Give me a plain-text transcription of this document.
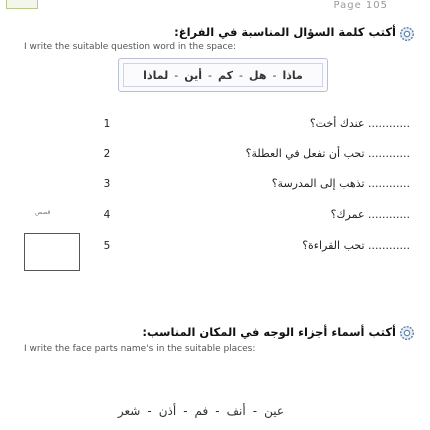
Page 105
أكتب كلمة السؤال المناسبة في الفراغ:
I write the suitable question word in the space:
ماذا
-
هل
-
كم
-
أين
-
لماذا
............ عندك أخت؟
1
............ تحب أن تفعل في العطلة؟
2
............ تذهب إلى المدرسة؟
3
قصص	............ عمرك؟
4
............ تحب القراءة؟
5
أكتب أسماء أجزاء الوجه في المكان المناسب:
I write the face parts name's in the suitable places:
عين
-
أنف
-
فم
-
أذن
-
شعر
